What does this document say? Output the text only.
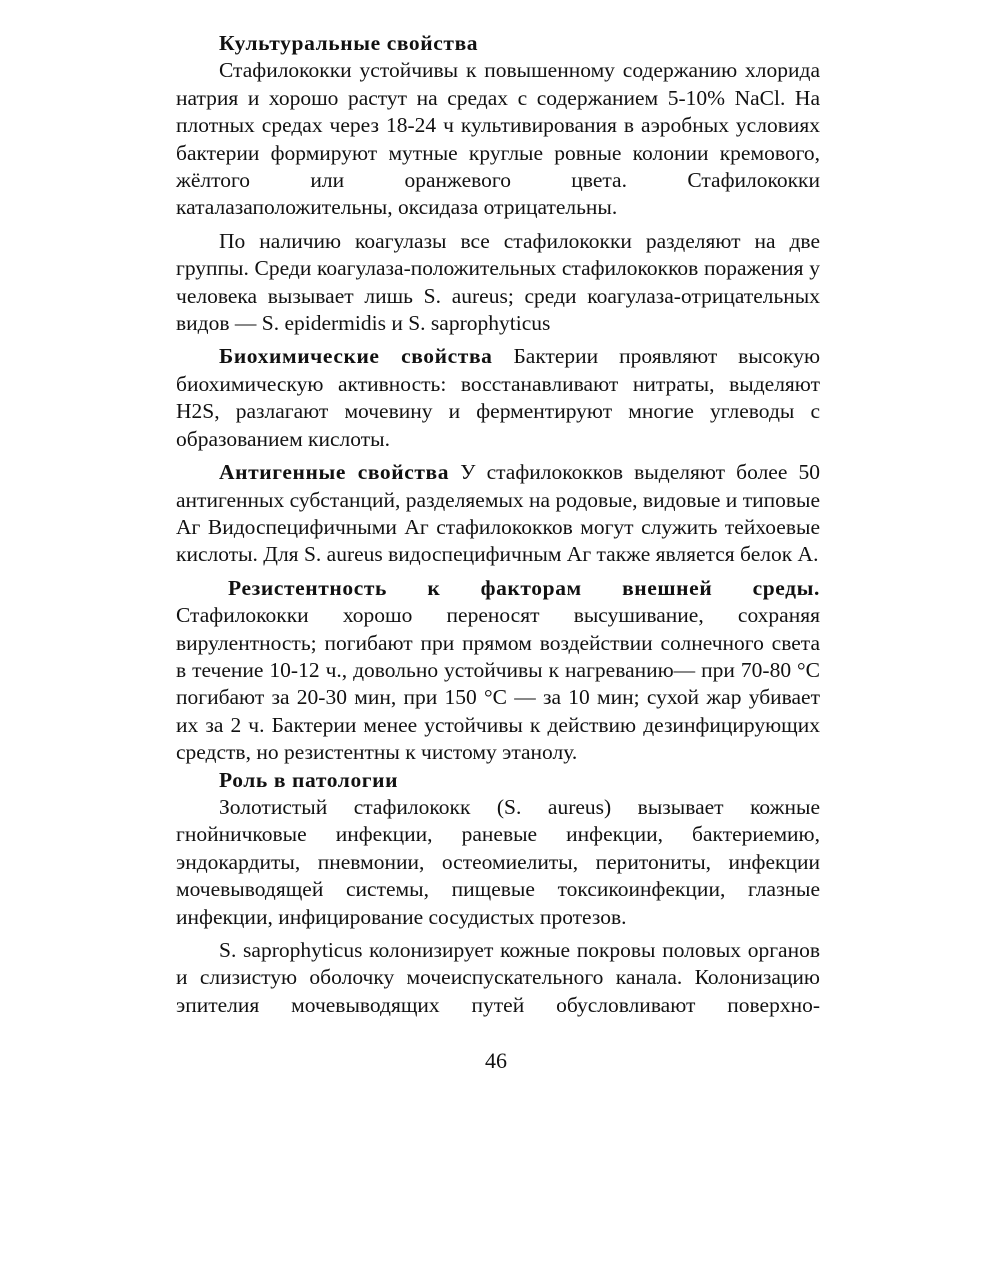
Культуральные свойства

Стафилококки устойчивы к повышенному содержанию хлорида натрия и хорошо растут на средах с содержанием 5-10% NaCl. На плотных средах через 18-24 ч культивирования в аэробных условиях бактерии формируют мутные круглые ровные колонии кремового, жёлтого или оранжевого цвета. Стафилококки каталазаположительны, оксидаза отрицательны.

По наличию коагулазы все стафилококки разделяют на две группы. Среди коагулаза-положительных стафилококков поражения у человека вызывает лишь S. aureus; среди коагулаза-отрицательных видов — S. epidermidis и S. saprophyticus

Биохимические свойства Бактерии проявляют высокую биохимическую активность: восстанавливают нитраты, выделяют H2S, разлагают мочевину и ферментируют многие углеводы с образованием кислоты.

Антигенные свойства У стафилококков выделяют более 50 антигенных субстанций, разделяемых на родовые, видовые и типовые Аг Видоспецифичными Аг стафилококков могут служить тейхоевые кислоты. Для S. aureus видоспецифичным Аг также является белок А.

Резистентность к факторам внешней среды. Стафилококки хорошо переносят высушивание, сохраняя вирулентность; погибают при прямом воздействии солнечного света в течение 10-12 ч., довольно устойчивы к нагреванию— при 70-80 °С погибают за 20-30 мин, при 150 °С — за 10 мин; сухой жар убивает их за 2 ч. Бактерии менее устойчивы к действию дезинфицирующих средств, но резистентны к чистому этанолу.

Роль в патологии

Золотистый стафилококк (S. aureus) вызывает кожные гнойничковые инфекции, раневые инфекции, бактериемию, эндокардиты, пневмонии, остеомиелиты, перитониты, инфекции мочевыводящей системы, пищевые токсикоинфекции, глазные инфекции, инфицирование сосудистых протезов.

S. saprophyticus колонизирует кожные покровы половых органов и слизистую оболочку мочеиспускательного канала. Колонизацию эпителия мочевыводящих путей обусловливают поверхно-

46
